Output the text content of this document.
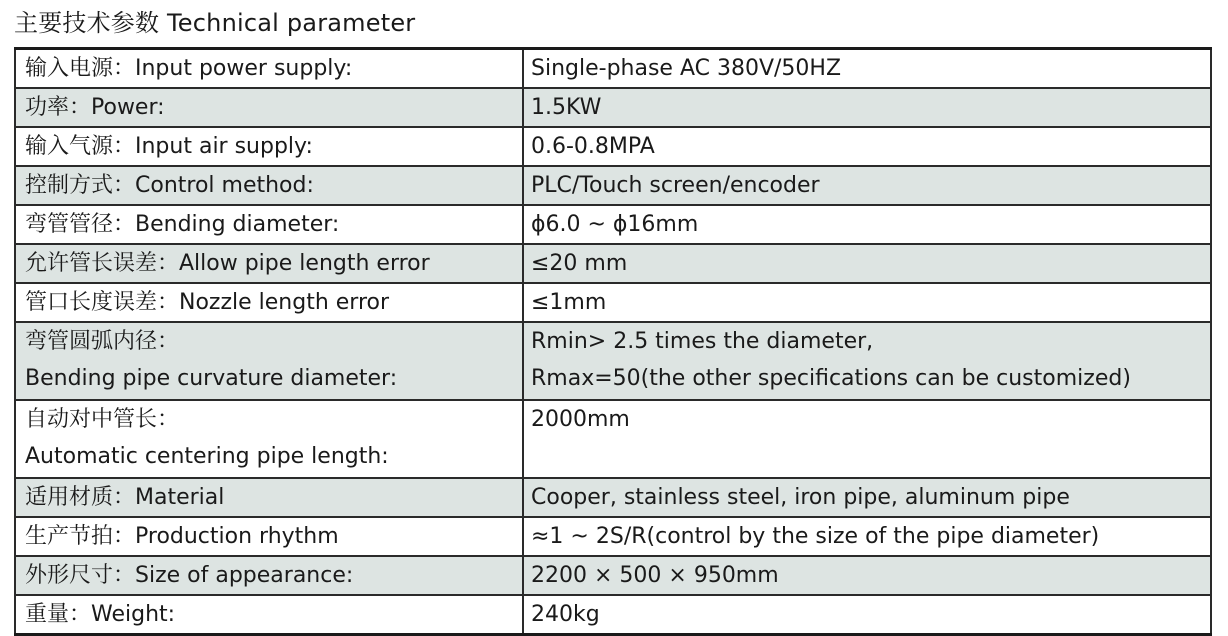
主要技术参数 Technical parameter
输入电源：Input power supply:	Single-phase AC 380V/50HZ

功率：Power:	1.5KW

输入气源：Input air supply:	0.6-0.8MPA

控制方式：Control method:	PLC/Touch screen/encoder

弯管管径：Bending diameter:	ϕ6.0 ~ ϕ16mm

允许管长误差：Allow pipe length error	≤20 mm

管口长度误差：Nozzle length error	≤1mm

弯管圆弧内径：
Bending pipe curvature diameter:	Rmin> 2.5 times the diameter,
Rmax=50(the other specifications can be customized)

自动对中管长：
Automatic centering pipe length:	2000mm

适用材质：Material	Cooper, stainless steel, iron pipe, aluminum pipe

生产节拍：Production rhythm	≈1 ~ 2S/R(control by the size of the pipe diameter)

外形尺寸：Size of appearance:	2200 × 500 × 950mm

重量：Weight:	240kg
